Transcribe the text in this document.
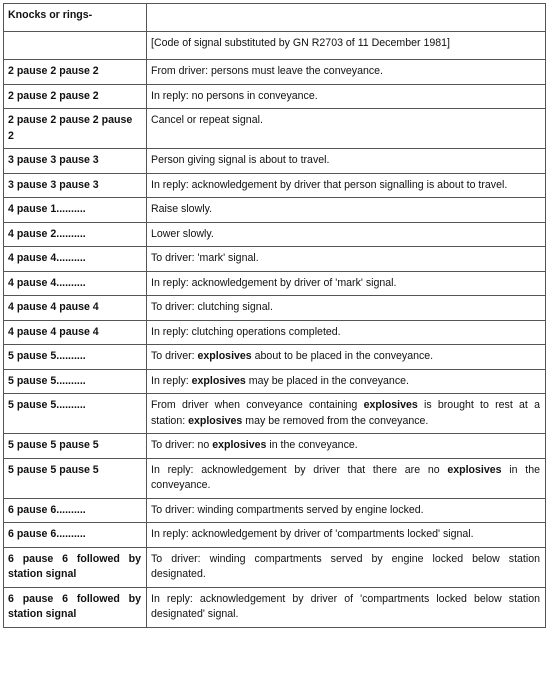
Knocks or rings-	
	[Code of signal substituted by GN R2703 of 11 December 1981]
2 pause 2 pause 2	From driver: persons must leave the conveyance.
2 pause 2 pause 2	In reply: no persons in conveyance.
2 pause 2 pause 2 pause 2	Cancel or repeat signal.
3 pause 3 pause 3	Person giving signal is about to travel.
3 pause 3 pause 3	In reply: acknowledgement by driver that person signalling is about to travel.
4 pause 1..........	Raise slowly.
4 pause 2..........	Lower slowly.
4 pause 4..........	To driver: 'mark' signal.
4 pause 4..........	In reply: acknowledgement by driver of 'mark' signal.
4 pause 4 pause 4	To driver: clutching signal.
4 pause 4 pause 4	In reply: clutching operations completed.
5 pause 5..........	To driver: explosives about to be placed in the conveyance.
5 pause 5..........	In reply: explosives may be placed in the conveyance.
5 pause 5..........	From driver when conveyance containing explosives is brought to rest at a station: explosives may be removed from the conveyance.
5 pause 5 pause 5	To driver: no explosives in the conveyance.
5 pause 5 pause 5	In reply: acknowledgement by driver that there are no explosives in the conveyance.
6 pause 6..........	To driver: winding compartments served by engine locked.
6 pause 6..........	In reply: acknowledgement by driver of 'compartments locked' signal.
6 pause 6 followed by station signal	To driver: winding compartments served by engine locked below station designated.
6 pause 6 followed by station signal	In reply: acknowledgement by driver of 'compartments locked below station designated' signal.
